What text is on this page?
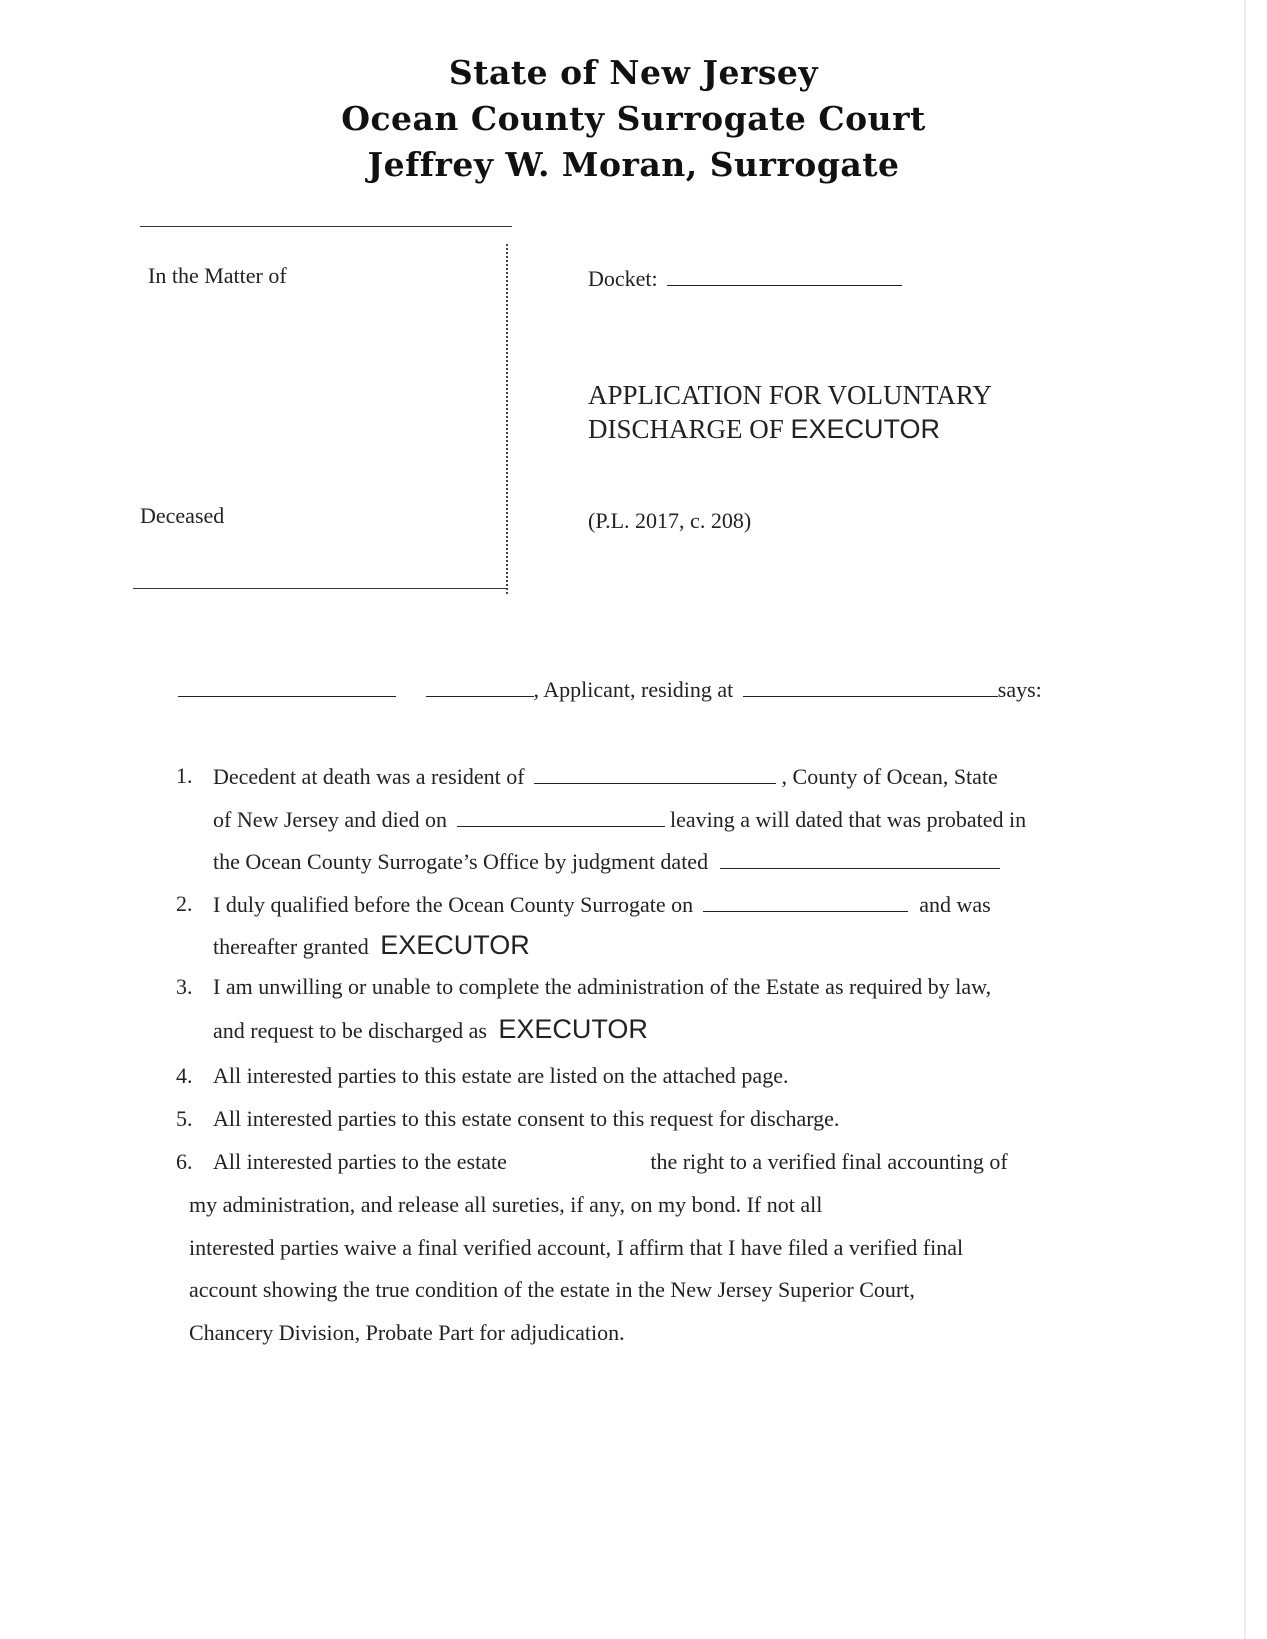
State of New Jersey
Ocean County Surrogate Court
Jeffrey W. Moran, Surrogate
In the Matter of
Deceased
Docket:
APPLICATION FOR VOLUNTARY
DISCHARGE OF EXECUTOR
(P.L. 2017, c. 208)
, Applicant, residing at	says:
1. Decedent at death was a resident of	, County of Ocean, State
of New Jersey and died on	leaving a will dated that was probated in
the Ocean County Surrogate’s Office by judgment dated
2. I duly qualified before the Ocean County Surrogate on	and was
thereafter granted EXECUTOR
3. I am unwilling or unable to complete the administration of the Estate as required by law,
and request to be discharged as EXECUTOR
4. All interested parties to this estate are listed on the attached page.
5. All interested parties to this estate consent to this request for discharge.
6. All interested parties to the estate	the right to a verified final accounting of
my administration, and release all sureties, if any, on my bond. If not all
interested parties waive a final verified account, I affirm that I have filed a verified final
account showing the true condition of the estate in the New Jersey Superior Court,
Chancery Division, Probate Part for adjudication.
